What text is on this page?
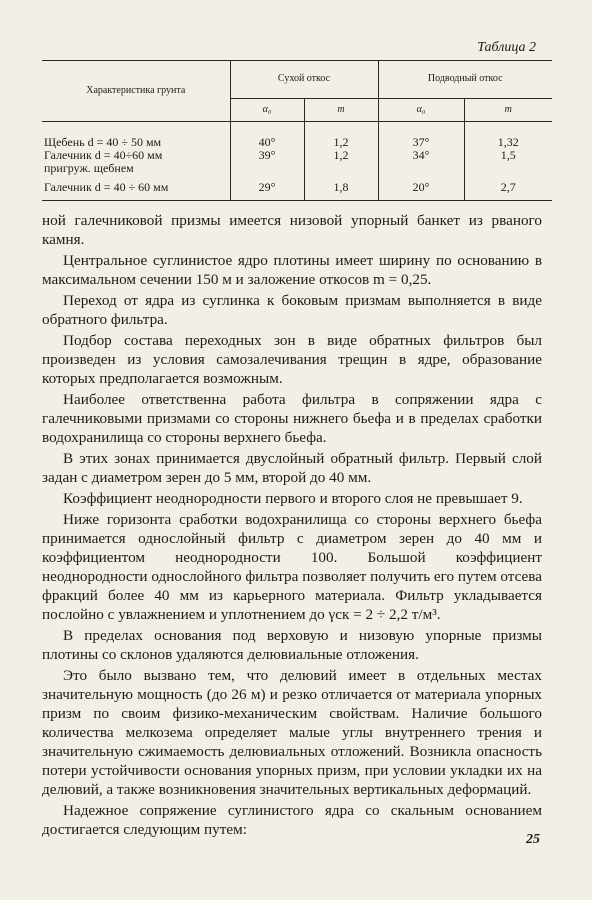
Таблица 2
Характеристика грунта	Сухой откос		Подводный откос	
	α₀	m	α₀	m

Щебень d = 40 ÷ 50 мм	40°	1,2	37°	1,32
Галечник d = 40÷60 мм	39°	1,2	34°	1,5
пригруж. щебнем				
Галечник d = 40 ÷ 60 мм	29°	1,8	20°	2,7

ной галечниковой призмы имеется низовой упорный банкет из рваного камня.

Центральное суглинистое ядро плотины имеет ширину по основанию в максимальном сечении 150 м и заложение откосов m = 0,25.

Переход от ядра из суглинка к боковым призмам выполняется в виде обратного фильтра.

Подбор состава переходных зон в виде обратных фильтров был произведен из условия самозалечивания трещин в ядре, образование которых предполагается возможным.

Наиболее ответственна работа фильтра в сопряжении ядра с галечниковыми призмами со стороны нижнего бьефа и в пределах сработки водохранилища со стороны верхнего бьефа.

В этих зонах принимается двуслойный обратный фильтр. Первый слой задан с диаметром зерен до 5 мм, второй до 40 мм.

Коэффициент неоднородности первого и второго слоя не превышает 9.

Ниже горизонта сработки водохранилища со стороны верхнего бьефа принимается однослойный фильтр с диаметром зерен до 40 мм и коэффициентом неоднородности 100. Большой коэффициент неоднородности однослойного фильтра позволяет получить его путем отсева фракций более 40 мм из карьерного материала. Фильтр укладывается послойно с увлажнением и уплотнением до γск = 2 ÷ 2,2 т/м³.

В пределах основания под верховую и низовую упорные призмы плотины со склонов удаляются делювиальные отложения.

Это было вызвано тем, что делювий имеет в отдельных местах значительную мощность (до 26 м) и резко отличается от материала упорных призм по своим физико-механическим свойствам. Наличие большого количества мелкозема определяет малые углы внутреннего трения и значительную сжимаемость делювиальных отложений. Возникла опасность потери устойчивости основания упорных призм, при условии укладки их на делювий, а также возникновения значительных вертикальных деформаций.

Надежное сопряжение суглинистого ядра со скальным основанием достигается следующим путем:

25
